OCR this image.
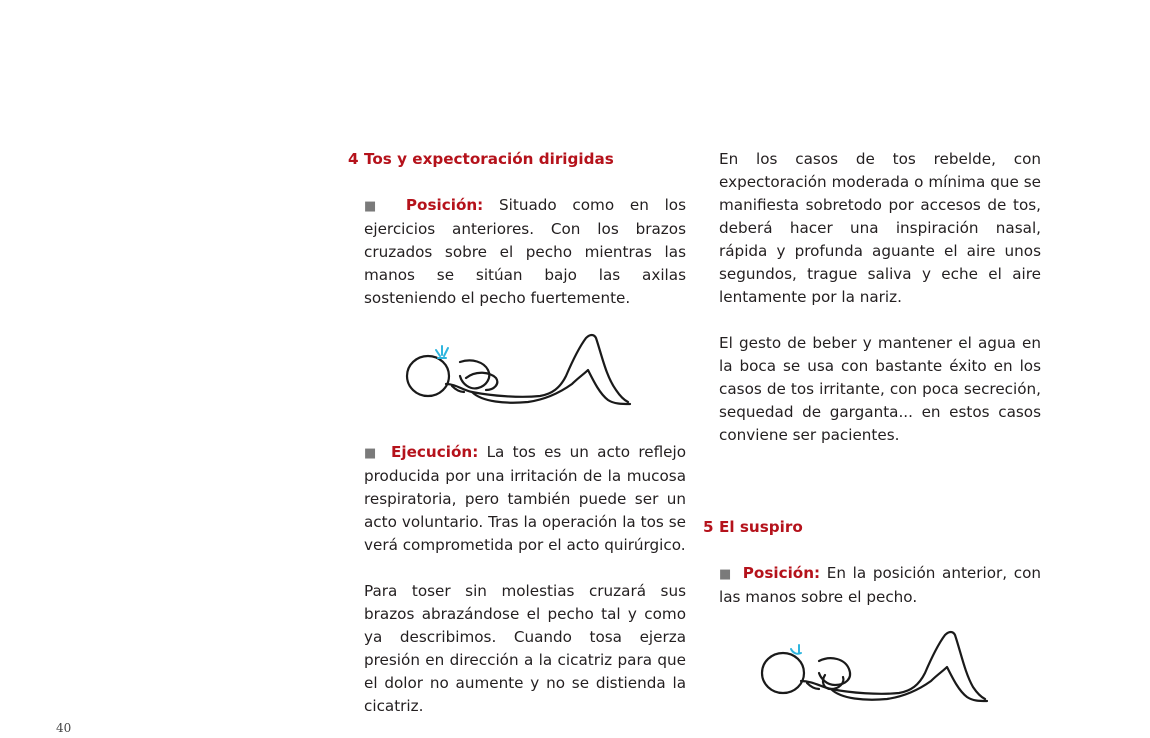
4 Tos y expectoración dirigidas

■ Posición: Situado como en los ejercicios anteriores. Con los brazos cruzados sobre el pecho mientras las manos se sitúan bajo las axilas sosteniendo el pecho fuertemente.

■ Ejecución: La tos es un acto reflejo producida por una irritación de la mucosa respiratoria, pero también puede ser un acto voluntario. Tras la operación la tos se verá comprometida por el acto quirúrgico.

Para toser sin molestias cruzará sus brazos abrazándose el pecho tal y como ya describimos. Cuando tosa ejerza presión en dirección a la cicatriz para que el dolor no aumente y no se distienda la cicatriz.

En los casos de tos rebelde, con expectoración moderada o mínima que se manifiesta sobretodo por accesos de tos, deberá hacer una inspiración nasal, rápida y profunda aguante el aire unos segundos, trague saliva y eche el aire lentamente por la nariz.

El gesto de beber y mantener el agua en la boca se usa con bastante éxito en los casos de tos irritante, con poca secreción, sequedad de garganta... en estos casos conviene ser pacientes.

5 El suspiro

■ Posición: En la posición anterior, con las manos sobre el pecho.

40
